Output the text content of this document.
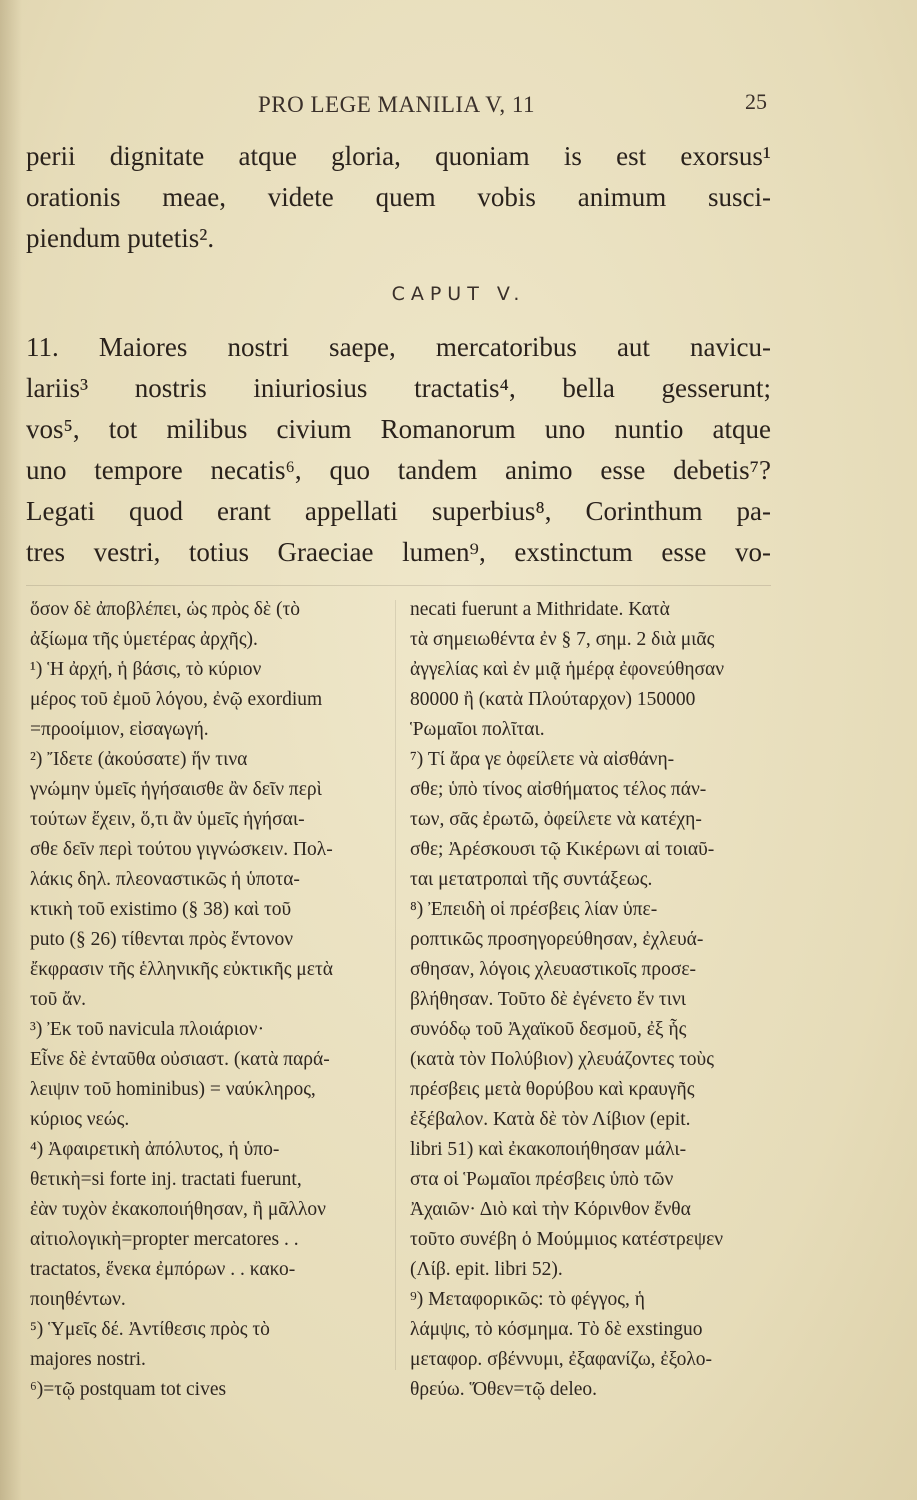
PRO LEGE MANILIA V, 11	25
perii dignitate atque gloria, quoniam is est exorsus¹
orationis meae, videte quem vobis animum susci-
piendum putetis².
CAPUT V.
11. Maiores nostri saepe, mercatoribus aut navicu-
lariis³ nostris iniuriosius tractatis⁴, bella gesserunt;
vos⁵, tot milibus civium Romanorum uno nuntio atque
uno tempore necatis⁶, quo tandem animo esse debetis⁷?
Legati quod erant appellati superbius⁸, Corinthum pa-
tres vestri, totius Graeciae lumen⁹, exstinctum esse vo-
ὅσον δὲ ἀποβλέπει, ὡς πρὸς δὲ (τὸ
ἀξίωμα τῆς ὑμετέρας ἀρχῆς).
¹) Ἡ ἀρχή, ἡ βάσις, τὸ κύριον
μέρος τοῦ ἐμοῦ λόγου, ἐνῷ exordium
=προοίμιον, εἰσαγωγή.
²) Ἴδετε (ἀκούσατε) ἥν τινα
γνώμην ὑμεῖς ἡγήσαισθε ἂν δεῖν περὶ
τούτων ἔχειν, ὅ,τι ἂν ὑμεῖς ἡγήσαι-
σθε δεῖν περὶ τούτου γιγνώσκειν. Πολ-
λάκις δηλ. πλεοναστικῶς ἡ ὑποτα-
κτικὴ τοῦ existimo (§ 38) καὶ τοῦ
puto (§ 26) τίθενται πρὸς ἔντονον
ἔκφρασιν τῆς ἑλληνικῆς εὐκτικῆς μετὰ
τοῦ ἄν.
³) Ἐκ τοῦ navicula πλοιάριον·
Εἶνε δὲ ἐνταῦθα οὐσιαστ. (κατὰ παρά-
λειψιν τοῦ hominibus) = ναύκληρος,
κύριος νεώς.
⁴) Ἀφαιρετικὴ ἀπόλυτος, ἡ ὑπο-
θετικὴ=si forte inj. tractati fuerunt,
ἐὰν τυχὸν ἐκακοποιήθησαν, ἢ μᾶλλον
αἰτιολογικὴ=propter mercatores . .
tractatos, ἕνεκα ἐμπόρων . . κακο-
ποιηθέντων.
⁵) Ὑμεῖς δέ. Ἀντίθεσις πρὸς τὸ
majores nostri.
⁶)=τῷ postquam tot cives
necati fuerunt a Mithridate. Κατὰ
τὰ σημειωθέντα ἐν § 7, σημ. 2 διὰ μιᾶς
ἀγγελίας καὶ ἐν μιᾷ ἡμέρᾳ ἐφονεύθησαν
80000 ἢ (κατὰ Πλούταρχον) 150000
Ῥωμαῖοι πολῖται.
⁷) Τί ἄρα γε ὀφείλετε νὰ αἰσθάνη-
σθε; ὑπὸ τίνος αἰσθήματος τέλος πάν-
των, σᾶς ἐρωτῶ, ὀφείλετε νὰ κατέχη-
σθε; Ἀρέσκουσι τῷ Κικέρωνι αἱ τοιαῦ-
ται μετατροπαὶ τῆς συντάξεως.
⁸) Ἐπειδὴ οἱ πρέσβεις λίαν ὑπε-
ροπτικῶς προσηγορεύθησαν, ἐχλευά-
σθησαν, λόγοις χλευαστικοῖς προσε-
βλήθησαν. Τοῦτο δὲ ἐγένετο ἔν τινι
συνόδῳ τοῦ Ἀχαϊκοῦ δεσμοῦ, ἐξ ἧς
(κατὰ τὸν Πολύβιον) χλευάζοντες τοὺς
πρέσβεις μετὰ θορύβου καὶ κραυγῆς
ἐξέβαλον. Κατὰ δὲ τὸν Λίβιον (epit.
libri 51) καὶ ἐκακοποιήθησαν μάλι-
στα οἱ Ῥωμαῖοι πρέσβεις ὑπὸ τῶν
Ἀχαιῶν· Διὸ καὶ τὴν Κόρινθον ἔνθα
τοῦτο συνέβη ὁ Μούμμιος κατέστρεψεν
(Λίβ. epit. libri 52).
⁹) Μεταφορικῶς: τὸ φέγγος, ἡ
λάμψις, τὸ κόσμημα. Τὸ δὲ exstinguo
μεταφορ. σβέννυμι, ἐξαφανίζω, ἐξολο-
θρεύω. Ὅθεν=τῷ deleo.
